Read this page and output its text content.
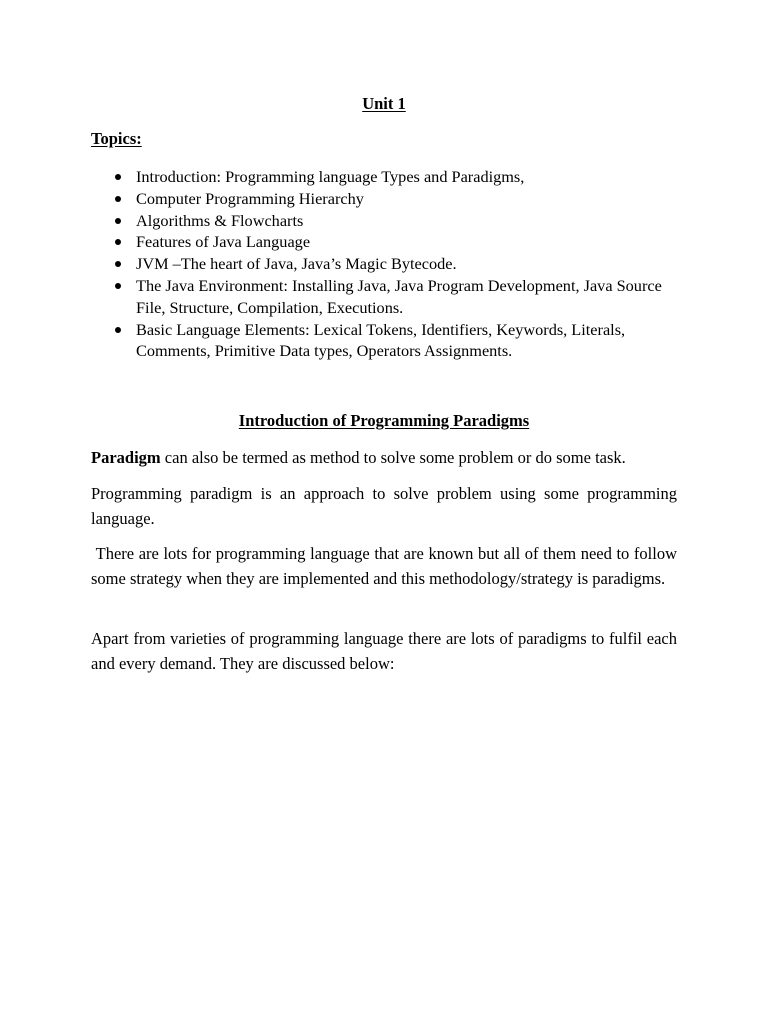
Unit 1
Topics:
Introduction: Programming language Types and Paradigms,
Computer Programming Hierarchy
Algorithms & Flowcharts
Features of Java Language
JVM –The heart of Java, Java’s Magic Bytecode.
The Java Environment: Installing Java, Java Program Development, Java Source File, Structure, Compilation, Executions.
Basic Language Elements: Lexical Tokens, Identifiers, Keywords, Literals, Comments, Primitive Data types, Operators Assignments.
Introduction of Programming Paradigms

Paradigm can also be termed as method to solve some problem or do some task.

Programming paradigm is an approach to solve problem using some programming language.

There are lots for programming language that are known but all of them need to follow some strategy when they are implemented and this methodology/strategy is paradigms.

Apart from varieties of programming language there are lots of paradigms to fulfil each and every demand. They are discussed below:
